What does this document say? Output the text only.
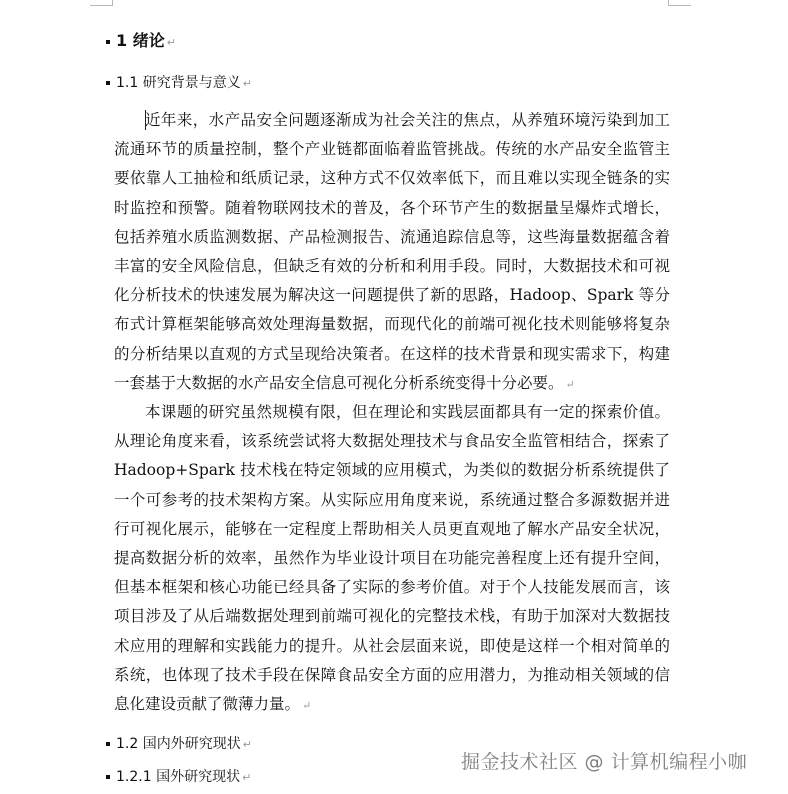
1 绪论 ↵
1.1 研究背景与意义 ↵

近年来，水产品安全问题逐渐成为社会关注的焦点，从养殖环境污染到加工流通环节的质量控制，整个产业链都面临着监管挑战。传统的水产品安全监管主要依靠人工抽检和纸质记录，这种方式不仅效率低下，而且难以实现全链条的实时监控和预警。随着物联网技术的普及，各个环节产生的数据量呈爆炸式增长，包括养殖水质监测数据、产品检测报告、流通追踪信息等，这些海量数据蕴含着丰富的安全风险信息，但缺乏有效的分析和利用手段。同时，大数据技术和可视化分析技术的快速发展为解决这一问题提供了新的思路，Hadoop、Spark 等分布式计算框架能够高效处理海量数据，而现代化的前端可视化技术则能够将复杂的分析结果以直观的方式呈现给决策者。在这样的技术背景和现实需求下，构建一套基于大数据的水产品安全信息可视化分析系统变得十分必要。 ↵

本课题的研究虽然规模有限，但在理论和实践层面都具有一定的探索价值。从理论角度来看，该系统尝试将大数据处理技术与食品安全监管相结合，探索了 Hadoop+Spark 技术栈在特定领域的应用模式，为类似的数据分析系统提供了一个可参考的技术架构方案。从实际应用角度来说，系统通过整合多源数据并进行可视化展示，能够在一定程度上帮助相关人员更直观地了解水产品安全状况，提高数据分析的效率，虽然作为毕业设计项目在功能完善程度上还有提升空间，但基本框架和核心功能已经具备了实际的参考价值。对于个人技能发展而言，该项目涉及了从后端数据处理到前端可视化的完整技术栈，有助于加深对大数据技术应用的理解和实践能力的提升。从社会层面来说，即使是这样一个相对简单的系统，也体现了技术手段在保障食品安全方面的应用潜力，为推动相关领域的信息化建设贡献了微薄力量。 ↵

1.2 国内外研究现状 ↵
1.2.1 国外研究现状 ↵
掘金技术社区 @ 计算机编程小咖
